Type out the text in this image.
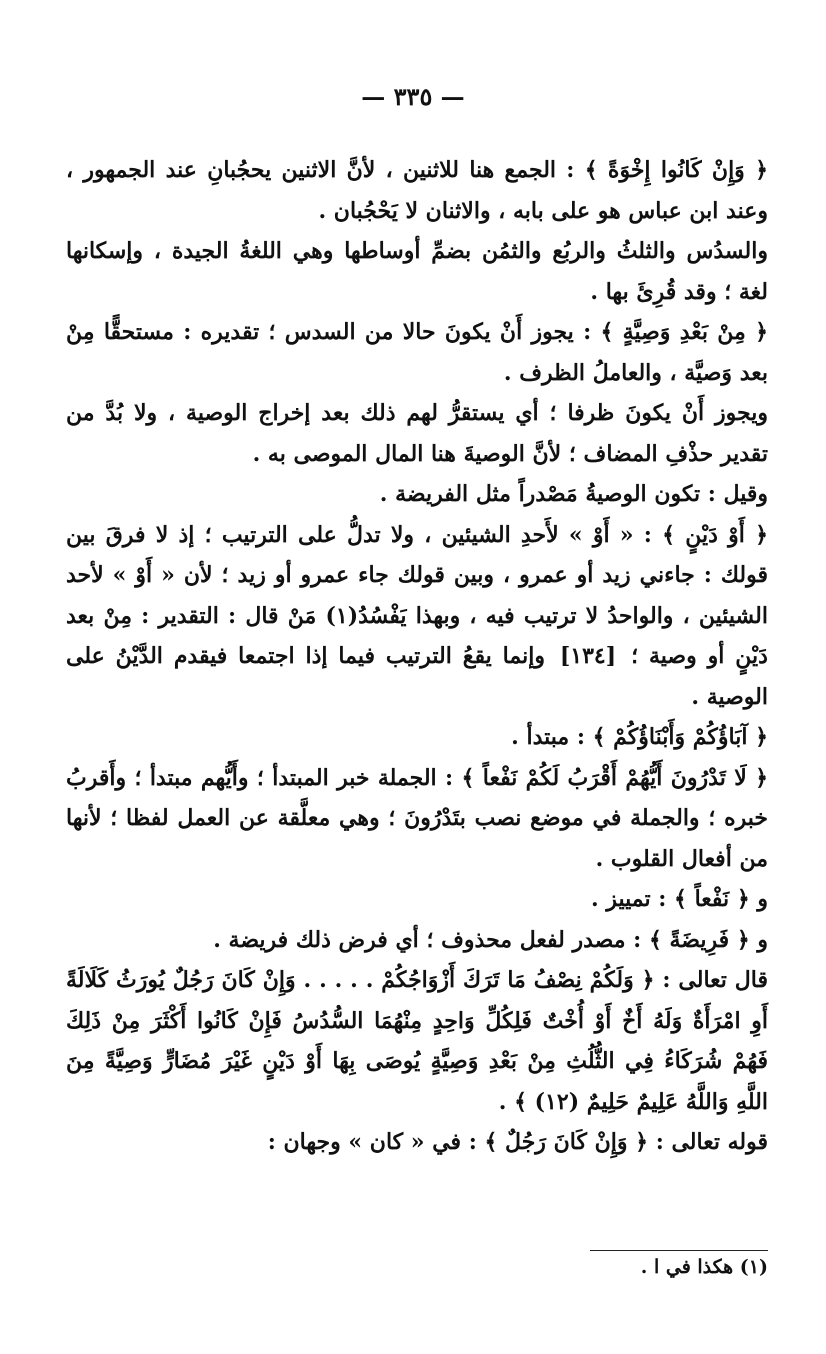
— ٣٣٥ —

﴿ وَإِنْ كَانُوا إِخْوَةً ﴾ : الجمع هنا للاثنين ، لأنَّ الاثنين يحجُبانِ عند الجمهور ، وعند ابن عباس هو على بابه ، والاثنان لا يَحْجُبان .

والسدُس والثلثُ والربُع والثمُن بضمِّ أوساطها وهي اللغةُ الجيدة ، وإسكانها لغة ؛ وقد قُرِئَ بها .

﴿ مِنْ بَعْدِ وَصِيَّةٍ ﴾ : يجوز أَنْ يكونَ حالا من السدس ؛ تقديره : مستحقًّا مِنْ بعد وَصيَّة ، والعاملُ الظرف .

ويجوز أَنْ يكونَ ظرفا ؛ أي يستقرُّ لهم ذلك بعد إخراج الوصية ، ولا بُدَّ من تقدير حذْفِ المضاف ؛ لأنَّ الوصيةَ هنا المال الموصى به .

وقيل : تكون الوصيةُ مَصْدراً مثل الفريضة .

﴿ أَوْ دَيْنٍ ﴾ : « أَوْ » لأَحدِ الشيئين ، ولا تدلُّ على الترتيب ؛ إذ لا فرقَ بين قولك : جاءني زيد أو عمرو ، وبين قولك جاء عمرو أو زيد ؛ لأن « أَوْ » لأحد الشيئين ، والواحدُ لا ترتيب فيه ، وبهذا يَفْسُدُ(١) مَنْ قال : التقدير : مِنْ بعد دَيْنٍ أو وصية ؛ [١٣٤] وإنما يقعُ الترتيب فيما إذا اجتمعا فيقدم الدَّيْنُ على الوصية .

﴿ آبَاؤُكُمْ وَأَبْنَاؤُكُمْ ﴾ : مبتدأ .

﴿ لَا تَدْرُونَ أَيُّهُمْ أَقْرَبُ لَكُمْ نَفْعاً ﴾ : الجملة خبر المبتدأ ؛ وأَيُّهم مبتدأ ؛ وأَقربُ خبره ؛ والجملة في موضع نصب بتَدْرُونَ ؛ وهي معلَّقة عن العمل لفظا ؛ لأنها من أفعال القلوب .

و ﴿ نَفْعاً ﴾ : تمييز .

و ﴿ فَرِيضَةً ﴾ : مصدر لفعل محذوف ؛ أي فرض ذلك فريضة .

قال تعالى : ﴿ وَلَكُمْ نِصْفُ مَا تَرَكَ أَزْوَاجُكُمْ . . . . . وَإِنْ كَانَ رَجُلٌ يُورَثُ كَلَالَةً أَوِ امْرَأَةٌ وَلَهُ أَخٌ أَوْ أُخْتٌ فَلِكُلِّ وَاحِدٍ مِنْهُمَا السُّدُسُ فَإِنْ كَانُوا أَكْثَرَ مِنْ ذَلِكَ فَهُمْ شُرَكَاءُ فِي الثُّلُثِ مِنْ بَعْدِ وَصِيَّةٍ يُوصَى بِهَا أَوْ دَيْنٍ غَيْرَ مُضَارٍّ وَصِيَّةً مِنَ اللَّهِ وَاللَّهُ عَلِيمٌ حَلِيمٌ (١٢) ﴾ .

قوله تعالى : ﴿ وَإِنْ كَانَ رَجُلٌ ﴾ : في « كان » وجهان :

(١) هكذا في ا .
